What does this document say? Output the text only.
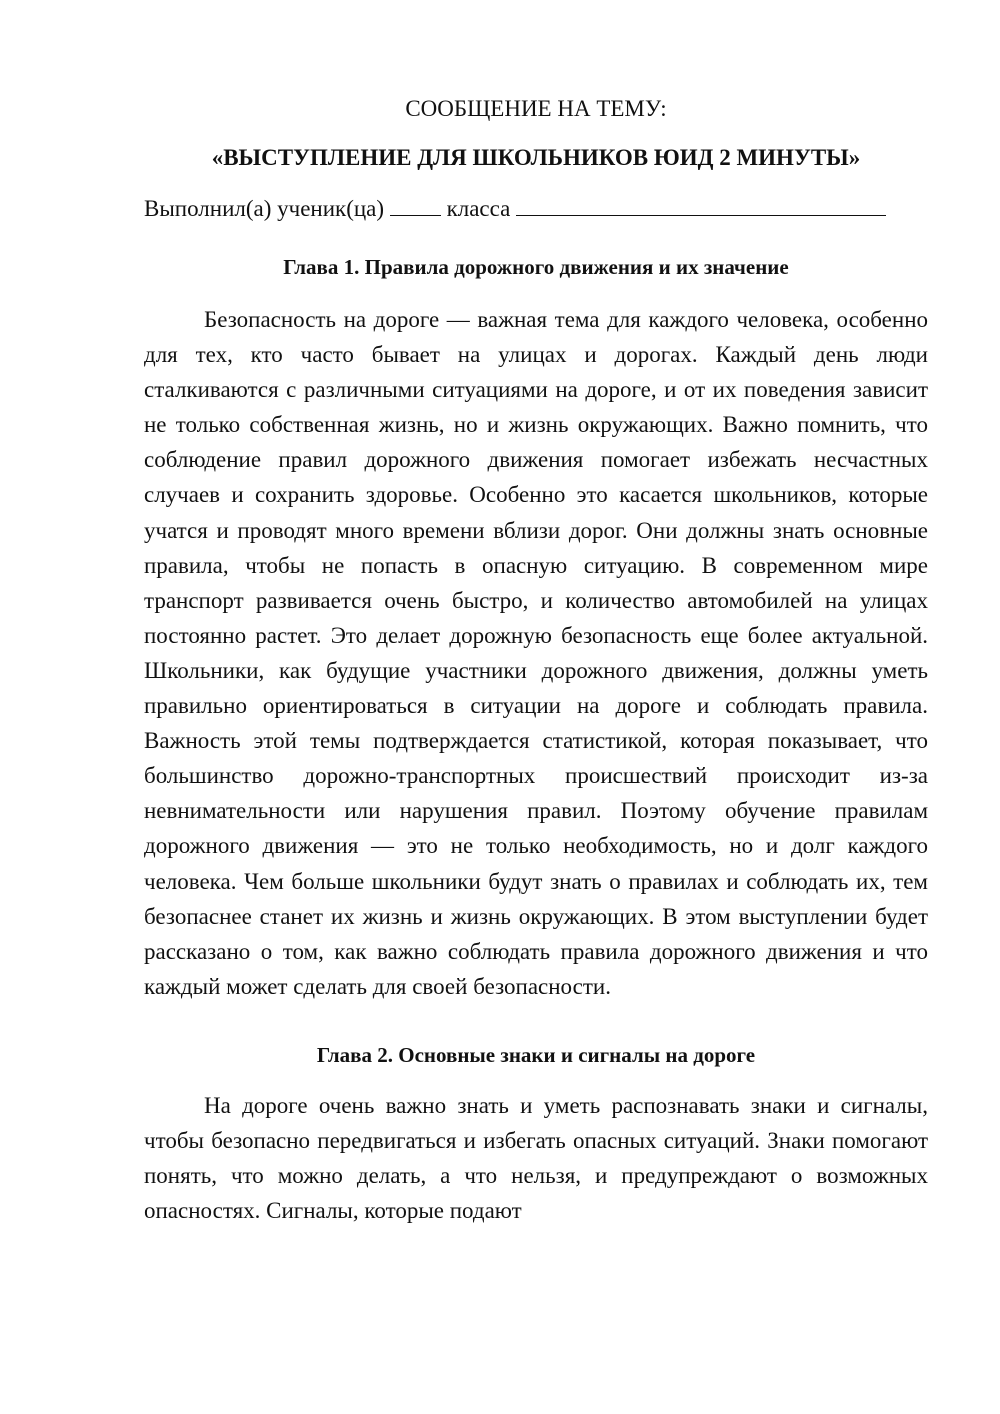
СООБЩЕНИЕ НА ТЕМУ:
«ВЫСТУПЛЕНИЕ ДЛЯ ШКОЛЬНИКОВ ЮИД 2 МИНУТЫ»

Выполнил(а) ученик(ца)  класса

Глава 1. Правила дорожного движения и их значение

Безопасность на дороге — важная тема для каждого человека, особенно для тех, кто часто бывает на улицах и дорогах. Каждый день люди сталкиваются с различными ситуациями на дороге, и от их поведения зависит не только собственная жизнь, но и жизнь окружающих. Важно помнить, что соблюдение правил дорожного движения помогает избежать несчастных случаев и сохранить здоровье. Особенно это касается школьников, которые учатся и проводят много времени вблизи дорог. Они должны знать основные правила, чтобы не попасть в опасную ситуацию. В современном мире транспорт развивается очень быстро, и количество автомобилей на улицах постоянно растет. Это делает дорожную безопасность еще более актуальной. Школьники, как будущие участники дорожного движения, должны уметь правильно ориентироваться в ситуации на дороге и соблюдать правила. Важность этой темы подтверждается статистикой, которая показывает, что большинство дорожно-транспортных происшествий происходит из-за невнимательности или нарушения правил. Поэтому обучение правилам дорожного движения — это не только необходимость, но и долг каждого человека. Чем больше школьники будут знать о правилах и соблюдать их, тем безопаснее станет их жизнь и жизнь окружающих. В этом выступлении будет рассказано о том, как важно соблюдать правила дорожного движения и что каждый может сделать для своей безопасности.

Глава 2. Основные знаки и сигналы на дороге

На дороге очень важно знать и уметь распознавать знаки и сигналы, чтобы безопасно передвигаться и избегать опасных ситуаций. Знаки помогают понять, что можно делать, а что нельзя, и предупреждают о возможных опасностях. Сигналы, которые подают
